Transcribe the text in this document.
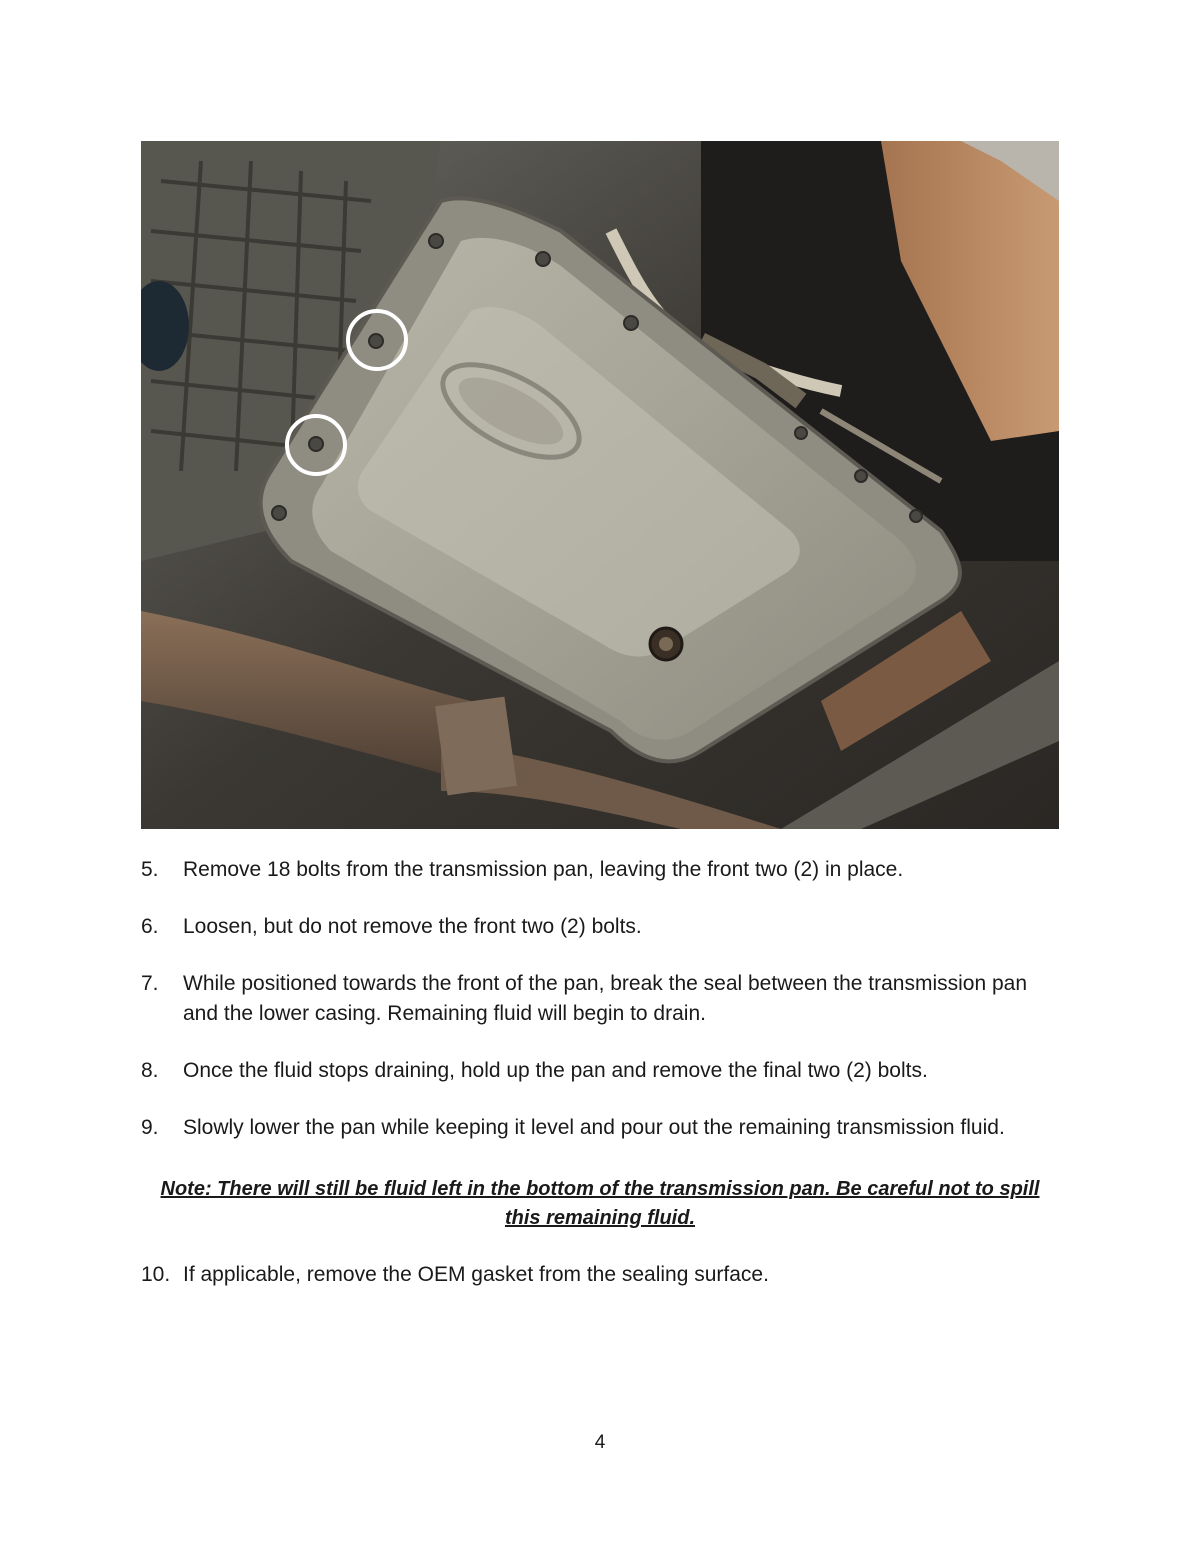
5. Remove 18 bolts from the transmission pan, leaving the front two (2) in place.
6. Loosen, but do not remove the front two (2) bolts.
7. While positioned towards the front of the pan, break the seal between the transmission pan and the lower casing. Remaining fluid will begin to drain.
8. Once the fluid stops draining, hold up the pan and remove the final two (2) bolts.
9. Slowly lower the pan while keeping it level and pour out the remaining transmission fluid.
Note: There will still be fluid left in the bottom of the transmission pan. Be careful not to spill this remaining fluid.
10. If applicable, remove the OEM gasket from the sealing surface.
4
